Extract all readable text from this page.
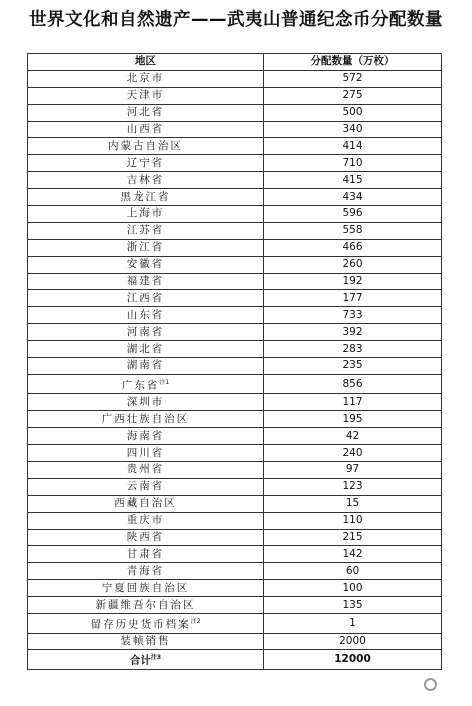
世界文化和自然遗产——武夷山普通纪念币分配数量
地区	分配数量（万枚）
北京市	572
天津市	275
河北省	500
山西省	340
内蒙古自治区	414
辽宁省	710
吉林省	415
黑龙江省	434
上海市	596
江苏省	558
浙江省	466
安徽省	260
福建省	192
江西省	177
山东省	733
河南省	392
湖北省	283
湖南省	235
广东省$^{注1}$	856
深圳市	117
广西壮族自治区	195
海南省	42
四川省	240
贵州省	97
云南省	123
西藏自治区	15
重庆市	110
陕西省	215
甘肃省	142
青海省	60
宁夏回族自治区	100
新疆维吾尔自治区	135
留存历史货币档案$^{注2}$	1
装帧销售	2000
合计$^{注3}$	12000
